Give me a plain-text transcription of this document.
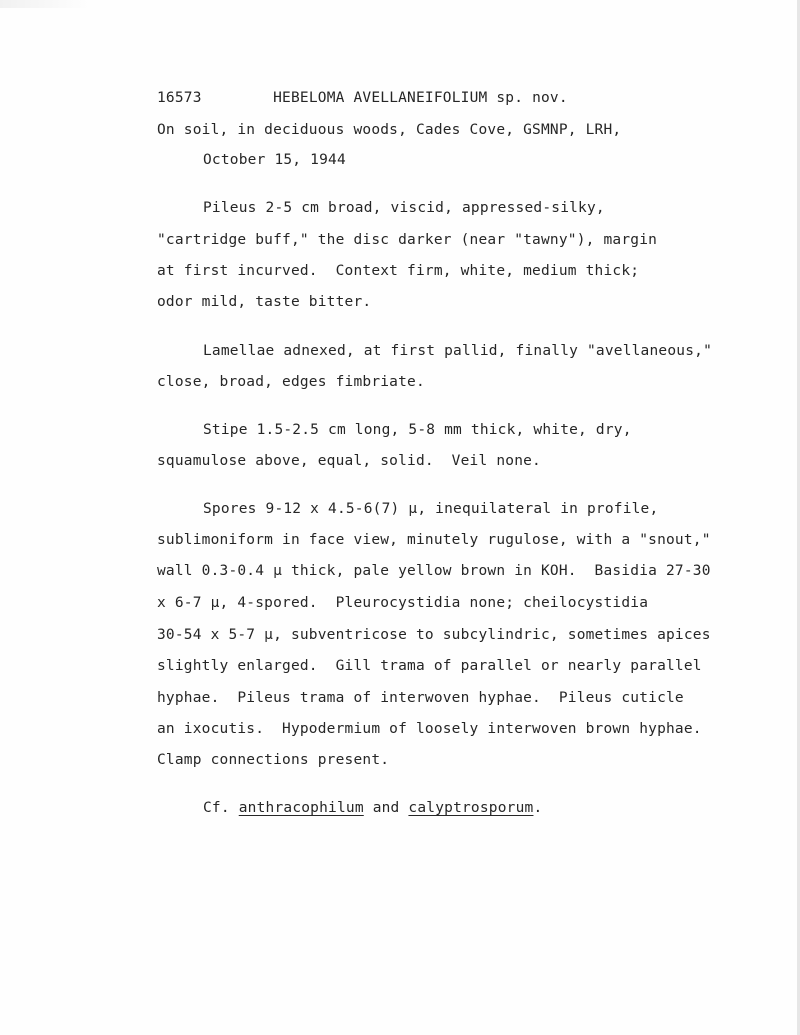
16573	HEBELOMA AVELLANEIFOLIUM sp. nov.
On soil, in deciduous woods, Cades Cove, GSMNP, LRH,
October 15, 1944
Pileus 2-5 cm broad, viscid, appressed-silky,
"cartridge buff," the disc darker (near "tawny"), margin
at first incurved.  Context firm, white, medium thick;
odor mild, taste bitter.
Lamellae adnexed, at first pallid, finally "avellaneous,"
close, broad, edges fimbriate.
Stipe 1.5-2.5 cm long, 5-8 mm thick, white, dry,
squamulose above, equal, solid.  Veil none.
Spores 9-12 x 4.5-6(7) μ, inequilateral in profile,
sublimoniform in face view, minutely rugulose, with a "snout,"
wall 0.3-0.4 μ thick, pale yellow brown in KOH.  Basidia 27-30
x 6-7 μ, 4-spored.  Pleurocystidia none; cheilocystidia
30-54 x 5-7 μ, subventricose to subcylindric, sometimes apices
slightly enlarged.  Gill trama of parallel or nearly parallel
hyphae.  Pileus trama of interwoven hyphae.  Pileus cuticle
an ixocutis.  Hypodermium of loosely interwoven brown hyphae.
Clamp connections present.
Cf. anthracophilum and calyptrosporum.
